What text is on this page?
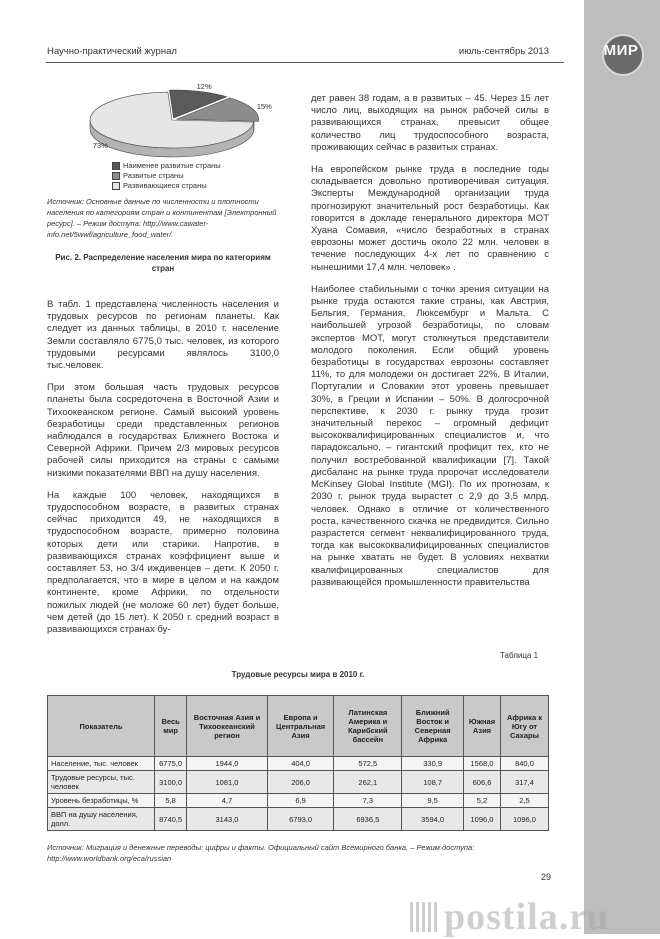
Научно-практический журнал	июль-сентябрь 2013	МИР
12%
15%
73%
Наименее развитые страны
Развитые страны
Развивающиеся страны
Источник: Основные данные по численности и плотности населения по категориям стран и континентам [Электронный ресурс]. – Режим доступа: http://www.cawater-info.net/5wwf/agriculture_food_water/.
Рис. 2. Распределение населения мира по категориям стран

В табл. 1 представлена численность населения и трудовых ресурсов по регионам планеты. Как следует из данных таблицы, в 2010 г. население Земли составляло 6775,0 тыс. человек, из которого трудовыми ресурсами являлось 3100,0 тыс.человек.

При этом большая часть трудовых ресурсов планеты была сосредоточена в Восточной Азии и Тихоокеанском регионе. Самый высокий уровень безработицы среди представленных регионов наблюдался в государствах Ближнего Востока и Северной Африки. Причем 2/3 мировых ресурсов рабочей силы приходится на страны с самыми низкими показателями ВВП на душу населения.

На каждые 100 человек, находящихся в трудоспособном возрасте, в развитых странах сейчас приходится 49, не находящихся в трудоспособном возрасте, примерно половина которых дети или старики. Напротив, в развивающихся странах коэффициент выше и составляет 53, но 3/4 иждивенцев – дети. К 2050 г. предполагается, что в мире в целом и на каждом континенте, кроме Африки, по отдельности пожилых людей (не моложе 60 лет) будет больше, чем детей (до 15 лет). К 2050 г. средний возраст в развивающихся странах бу-

дет равен 38 годам, а в развитых – 45. Через 15 лет число лиц, выходящих на рынок рабочей силы в развивающихся странах, превысит общее количество лиц трудоспособного возраста, проживающих сейчас в развитых странах.

На европейском рынке труда в последние годы складывается довольно противоречивая ситуация. Эксперты Международной организации труда прогнозируют значительный рост безработицы. Как говорится в докладе генерального директора МОТ Хуана Сомавия, «число безработных в странах еврозоны может достичь около 22 млн. человек в течение последующих 4-х лет по сравнению с нынешними 17,4 млн. человек» .

Наиболее стабильными с точки зрения ситуации на рынке труда остаются такие страны, как Австрия, Бельгия, Германия, Люксембург и Мальта. С наибольшей угрозой безработицы, по словам экспертов МОТ, могут столкнуться представители молодого поколения. Если общий уровень безработицы в государствах еврозоны составляет 11%, то для молодежи он достигает 22%. В Италии, Португалии и Словакии этот уровень превышает 30%, в Греции и Испании – 50%. В долгосрочной перспективе, к 2030 г. рынку труда грозит значительный перекос – огромный дефицит высококвалифицированных специалистов и, что парадоксально, – гигантский профицит тех, кто не получил востребованной квалификации [7]. Такой дисбаланс на рынке труда пророчат исследователи McKinsey Global Institute (MGI). По их прогнозам, к 2030 г. рынок труда вырастет с 2,9 до 3,5 млрд. человек. Однако в отличие от количественного роста, качественного скачка не предвидится. Сильно разрастется сегмент неквалифицированного труда, тогда как высококвалифицированных специалистов на рынке хватать не будет. В условиях нехватки квалифицированных специалистов для развивающейся промышленности правительства

Таблица 1
Трудовые ресурсы мира в 2010 г.
Показатель	Весь мир	Восточная Азия и Тихоокеанский регион	Европа и Центральная Азия	Латинская Америка и Карибский бассейн	Ближний Восток и Северная Африка	Южная Азия	Африка к Югу от Сахары
Население, тыс. человек	6775,0	1944,0	404,0	572,5	330,9	1568,0	840,0
Трудовые ресурсы, тыс. человек	3100,0	1081,0	206,0	262,1	108,7	606,6	317,4
Уровень безработицы, %	5,8	4,7	6,9	7,3	9,5	5,2	2,5
ВВП на душу населения, долл.	8740,5	3143,0	6793,0	6936,5	3594,0	1096,0	1096,0
Источник: Миграция и денежные переводы: цифры и факты. Официальный сайт Всемирного банка. – Режим доступа: http://www.worldbank.org/eca/russian
29
postila.ru
